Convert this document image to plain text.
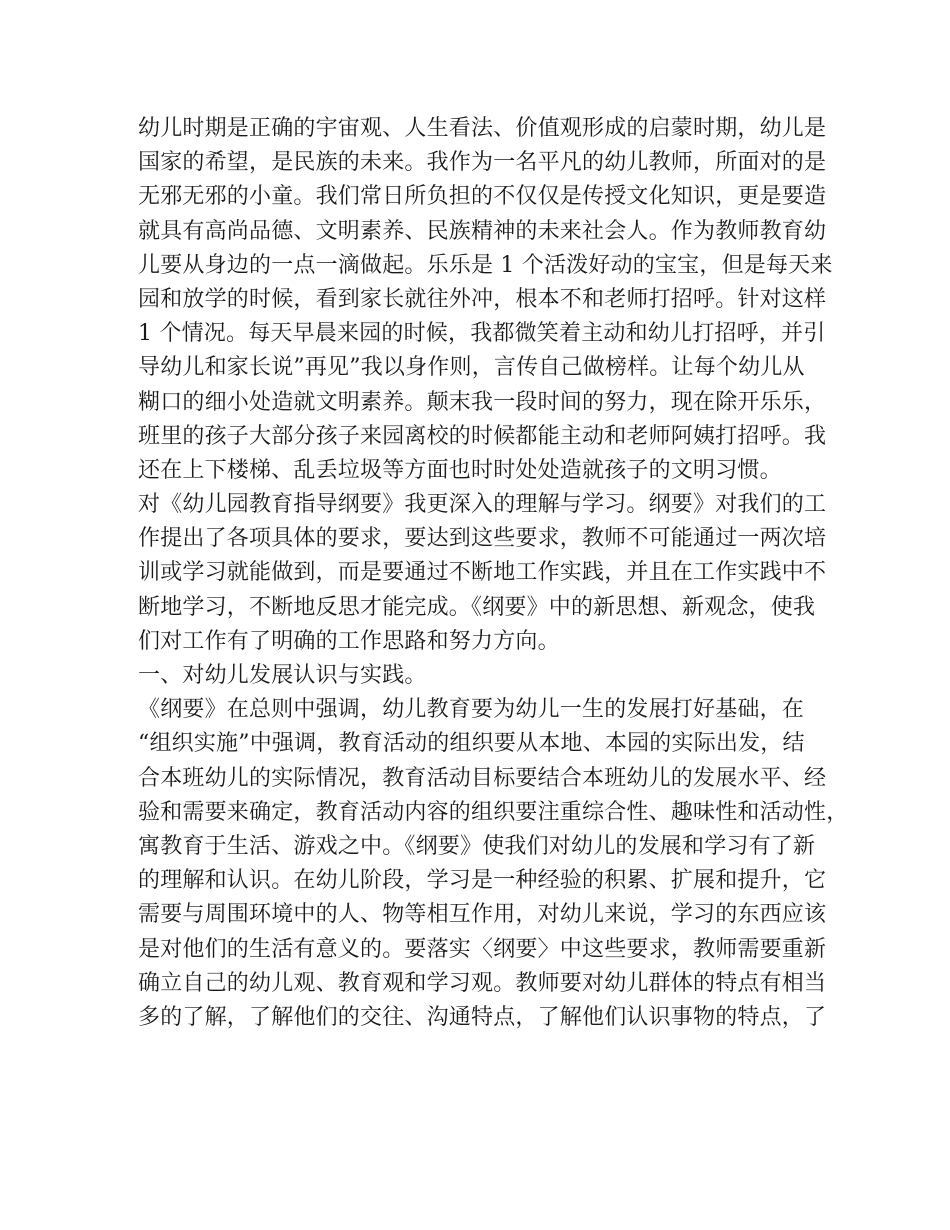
幼儿时期是正确的宇宙观、人生看法、价值观形成的启蒙时期，幼儿是
国家的希望，是民族的未来。我作为一名平凡的幼儿教师，所面对的是
无邪无邪的小童。我们常日所负担的不仅仅是传授文化知识，更是要造
就具有高尚品德、文明素养、民族精神的未来社会人。作为教师教育幼
儿要从身边的一点一滴做起。乐乐是 1 个活泼好动的宝宝，但是每天来
园和放学的时候，看到家长就往外冲，根本不和老师打招呼。针对这样
1 个情况。每天早晨来园的时候，我都微笑着主动和幼儿打招呼，并引
导幼儿和家长说”再见”我以身作则，言传自己做榜样。让每个幼儿从
糊口的细小处造就文明素养。颠末我一段时间的努力，现在除开乐乐，
班里的孩子大部分孩子来园离校的时候都能主动和老师阿姨打招呼。我
还在上下楼梯、乱丢垃圾等方面也时时处处造就孩子的文明习惯。
对《幼儿园教育指导纲要》我更深入的理解与学习。纲要》对我们的工
作提出了各项具体的要求，要达到这些要求，教师不可能通过一两次培
训或学习就能做到，而是要通过不断地工作实践，并且在工作实践中不
断地学习，不断地反思才能完成。《纲要》中的新思想、新观念，使我
们对工作有了明确的工作思路和努力方向。
一、对幼儿发展认识与实践。
《纲要》在总则中强调，幼儿教育要为幼儿一生的发展打好基础，在
“组织实施”中强调，教育活动的组织要从本地、本园的实际出发，结
合本班幼儿的实际情况，教育活动目标要结合本班幼儿的发展水平、经
验和需要来确定，教育活动内容的组织要注重综合性、趣味性和活动性，
寓教育于生活、游戏之中。《纲要》使我们对幼儿的发展和学习有了新
的理解和认识。在幼儿阶段，学习是一种经验的积累、扩展和提升，它
需要与周围环境中的人、物等相互作用，对幼儿来说，学习的东西应该
是对他们的生活有意义的。要落实〈纲要〉中这些要求，教师需要重新
确立自己的幼儿观、教育观和学习观。教师要对幼儿群体的特点有相当
多的了解，了解他们的交往、沟通特点，了解他们认识事物的特点，了
